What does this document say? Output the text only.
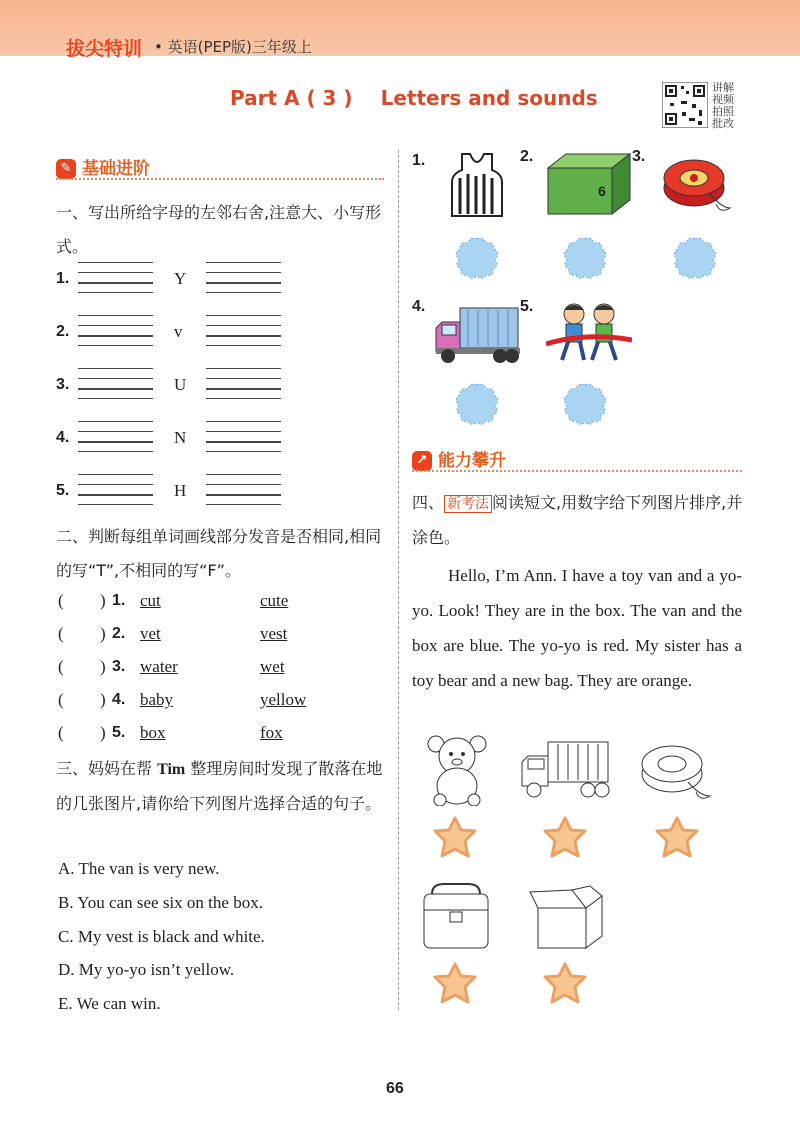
拔尖特训 • 英语(PEP版)三年级上
Part A ( 3 ) Letters and sounds	讲解
视频
拍照
批改
✎ 基础进阶
一、写出所给字母的左邻右舍,注意大、小写形式。
1.	Y
2.	v
3.	U
4.	N
5.	H
二、判断每组单词画线部分发音是否相同,相同的写“T”,不相同的写“F”。
( ) 1. cut	cute
( ) 2. vet	vest
( ) 3. water	wet
( ) 4. baby	yellow
( ) 5. box	fox
三、妈妈在帮 Tim 整理房间时发现了散落在地的几张图片,请你给下列图片选择合适的句子。
A. The van is very new.
B. You can see six on the box.
C. My vest is black and white.
D. My yo-yo isn’t yellow.
E. We can win.
1.	2.
6
3.
4.	5.
↗ 能力攀升
四、 新考法 阅读短文,用数字给下列图片排序,并涂色。

Hello, I’m Ann. I have a toy van and a yo-yo. Look! They are in the box. The van and the box are blue. The yo-yo is red. My sister has a toy bear and a new bag. They are orange.

66
